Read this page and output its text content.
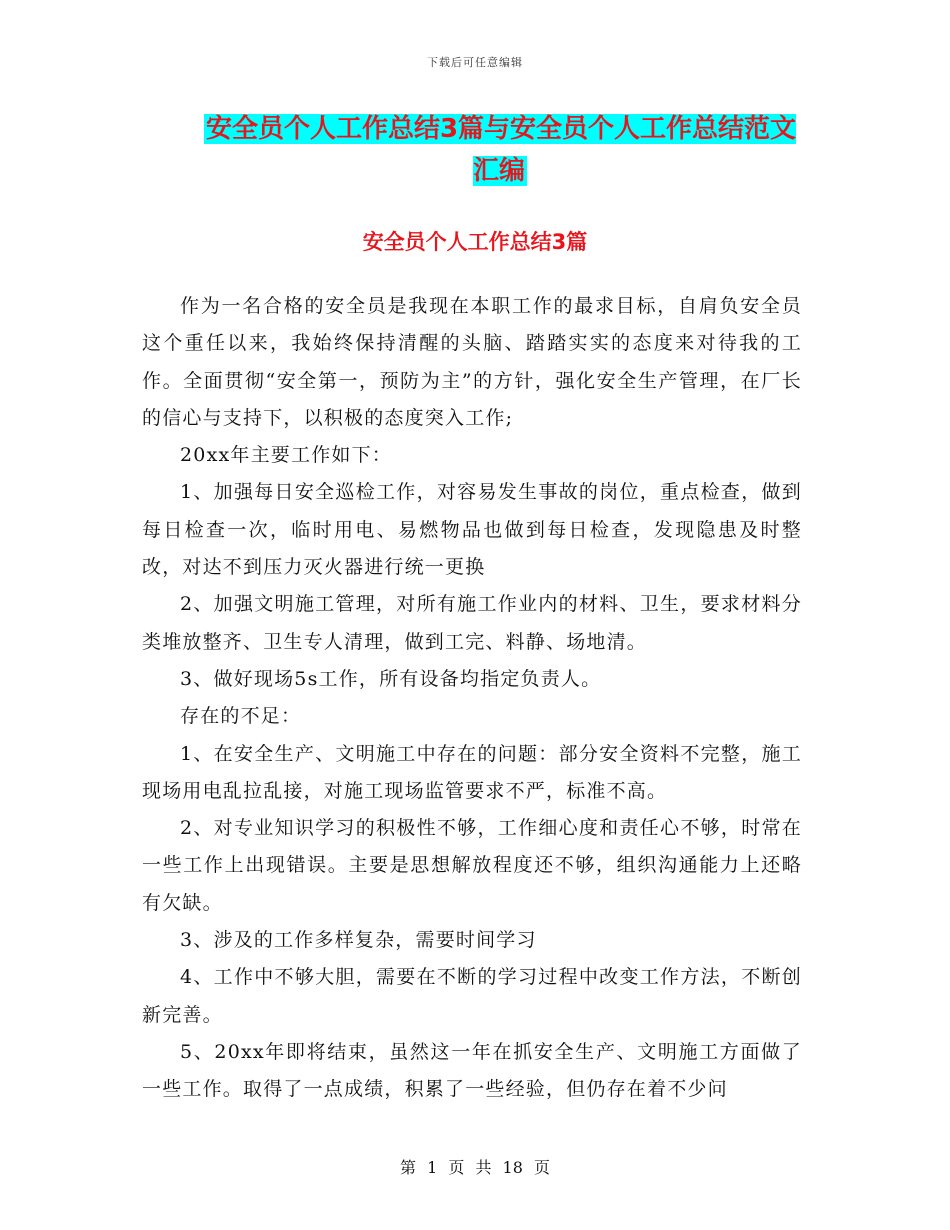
下载后可任意编辑
安全员个人工作总结3篇与安全员个人工作总结范文汇编
安全员个人工作总结3篇

作为一名合格的安全员是我现在本职工作的最求目标，自肩负安全员这个重任以来，我始终保持清醒的头脑、踏踏实实的态度来对待我的工作。全面贯彻“安全第一，预防为主”的方针，强化安全生产管理，在厂长的信心与支持下，以积极的态度突入工作;

20xx年主要工作如下：

1、加强每日安全巡检工作，对容易发生事故的岗位，重点检查，做到每日检查一次，临时用电、易燃物品也做到每日检查，发现隐患及时整改，对达不到压力灭火器进行统一更换

2、加强文明施工管理，对所有施工作业内的材料、卫生，要求材料分类堆放整齐、卫生专人清理，做到工完、料静、场地清。

3、做好现场5s工作，所有设备均指定负责人。

存在的不足：

1、在安全生产、文明施工中存在的问题：部分安全资料不完整，施工现场用电乱拉乱接，对施工现场监管要求不严，标准不高。

2、对专业知识学习的积极性不够，工作细心度和责任心不够，时常在一些工作上出现错误。主要是思想解放程度还不够，组织沟通能力上还略有欠缺。

3、涉及的工作多样复杂，需要时间学习

4、工作中不够大胆，需要在不断的学习过程中改变工作方法，不断创新完善。

5、20xx年即将结束，虽然这一年在抓安全生产、文明施工方面做了一些工作。取得了一点成绩，积累了一些经验，但仍存在着不少问

第 1 页 共 18 页
